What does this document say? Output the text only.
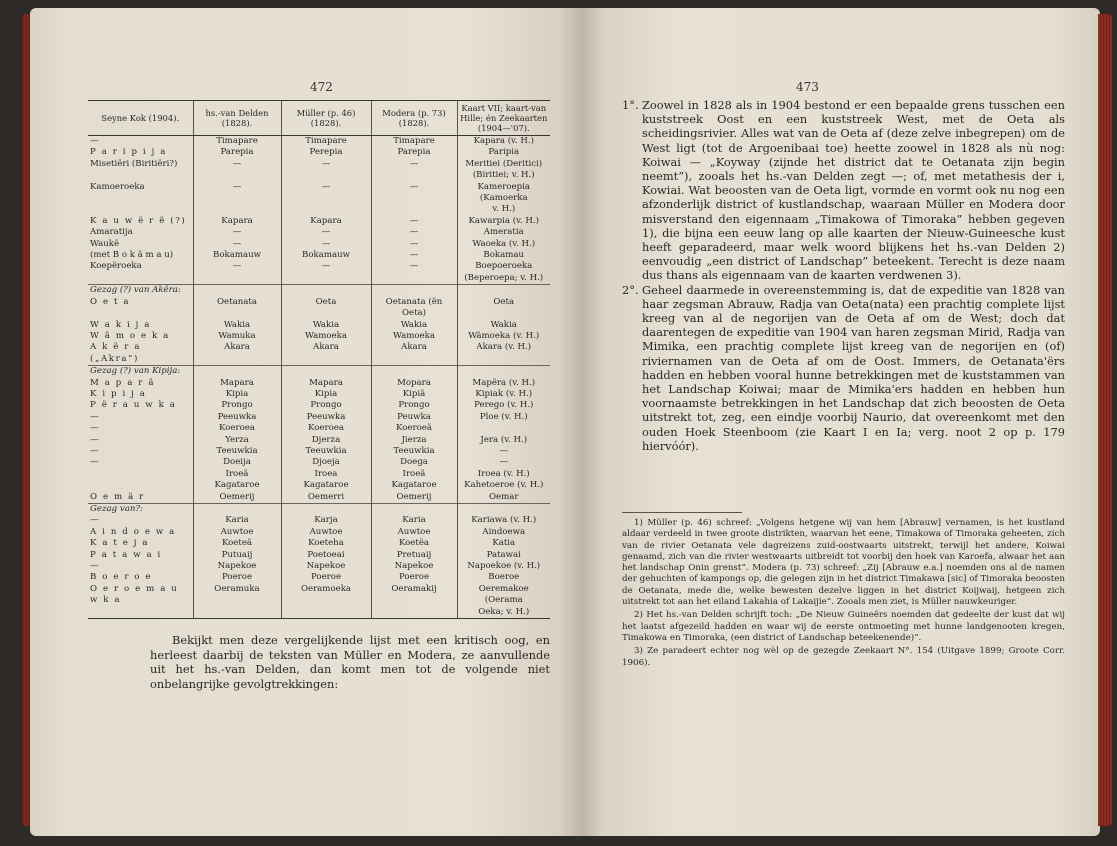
472	473
Seyne Kok (1904).	hs.-van Delden (1828).	Müller (p. 46) (1828).	Modera (p. 73) (1828).	Kaart VII; kaart-van Hille; én Zeekaarten (1904—'07).
—	Timapare	Timapare	Timapare	Kapara (v. H.)
P a r i p i j a	Parepia	Perepia	Parepia	Paripia
Misetiëri (Biritiëri?)	—	—	—	Meritiei (Deritici)
				(Biritiei; v. H.)
Kamoeroeka	—	—	—	Kameroepia (Kamoerka
				v. H.)
K a u w ë r ë (?)	Kapara	Kapara	—	Kawarpia (v. H.)
Amaratija	—	—	—	Ameratia
Waukë	—	—	—	Waoeka (v. H.)
(met B o k ä m a u)	Bokamauw	Bokamauw	—	Bokamau
Koepëroeka	—	—	—	Boepoeroeka
				(Beperoepa; v. H.)
Gezag (?) van Akëra:				
O e t a	Oetanata	Oeta	Oetanata (ën Oeta)	Oeta
W a k i j a	Wakia	Wakia	Wakia	Wakia
W ä m o e k a	Wamuka	Wamoeka	Wamoeka	Wämoeka (v. H.)
A k ë r a („Akra”)	Akara	Akara	Akara	Akara (v. H.)
Gezag (?) van Kipija:				
M a p a r ä	Mapara	Mapara	Mopara	Mapëra (v. H.)
K i p i j a	Kipia	Kipia	Kipiä	Kipiak (v. H.)
P ë r a u w k a	Prongo	Prongo	Prongo	Perego (v. H.)
—	Peeuwka	Peeuwka	Peuwka	Ploe (v. H.)
—	Koeroea	Koeroea	Koeroeä	
—	Yerza	Djerza	Jierza	Jera (v. H.)
—	Teeuwkia	Teeuwkia	Teeuwkia	—
—	Doeija	Djoeja	Doega	—
	Iroeä	Iroea	Iroeä	Iroea (v. H.)
	Kagataroe	Kagataroe	Kagataroe	Kahetoeroe (v. H.)
O e m ä r	Oemerij	Oemerri	Oemerij	Oemar
Gezag van?:				
—	Karia	Karja	Karia	Kariawa (v. H.)
A i n d o e w a	Auwtoe	Auwtoe	Auwtoe	Aindoewa
K a t e j a	Koeteä	Koeteha	Koetëa	Katia
P a t a w a i	Putuaij	Poetoeai	Pretuaij	Patawai
—	Napekoe	Napekoe	Napekoe	Napoekoe (v. H.)
B o e r o e	Poeroe	Poeroe	Poeroe	Boeroe
O e r o e m a u w k a	Oeramuka	Oeramoeka	Oeramakij	Oeremakoe (Oerama
				Oeka; v. H.)
Bekijkt men deze vergelijkende lijst met een kritisch oog, en herleest daarbij de teksten van Müller en Modera, ze aanvullende uit het hs.-van Delden, dan komt men tot de volgende niet onbelangrijke gevolgtrekkingen:
1°. Zoowel in 1828 als in 1904 bestond er een bepaalde grens tusschen een kuststreek Oost en een kuststreek West, met de Oeta als scheidingsrivier. Alles wat van de Oeta af (deze zelve inbegrepen) om de West ligt (tot de Argoenibaai toe) heette zoowel in 1828 als nù nog: Koiwai — „Koyway (zijnde het district dat te Oetanata zijn begin neemt”), zooals het hs.-van Delden zegt —; of, met metathesis der i, Kowiai. Wat beoosten van de Oeta ligt, vormde en vormt ook nu nog een afzonderlijk district of kustlandschap, waaraan Müller en Modera door misverstand den eigennaam „Timakowa of Timoraka” hebben gegeven 1), die bijna een eeuw lang op alle kaarten der Nieuw-Guineesche kust heeft geparadeerd, maar welk woord blijkens het hs.-van Delden 2) eenvoudig „een district of Landschap” beteekent. Terecht is deze naam dus thans als eigennaam van de kaarten verdwenen 3).
2°. Geheel daarmede in overeenstemming is, dat de expeditie van 1828 van haar zegsman Abrauw, Radja van Oeta(nata) een prachtig complete lijst kreeg van al de negorijen van de Oeta af om de West; doch dat daarentegen de expeditie van 1904 van haren zegsman Mirid, Radja van Mimika, een prachtig complete lijst kreeg van de negorijen en (of) riviernamen van de Oeta af om de Oost. Immers, de Oetanata'ërs hadden en hebben vooral hunne betrekkingen met de kuststammen van het Landschap Koiwai; maar de Mimika'ers hadden en hebben hun voornaamste betrekkingen in het Landschap dat zich beoosten de Oeta uitstrekt tot, zeg, een eindje voorbij Naurio, dat overeenkomt met den ouden Hoek Steenboom (zie Kaart I en Ia; verg. noot 2 op p. 179 hiervóór).

1) Müller (p. 46) schreef: „Volgens hetgene wij van hem [Abrauw] vernamen, is het kustland aldaar verdeeld in twee groote distrikten, waarvan het eene, Timakowa of Timoraka geheeten, zich van de rivier Oetanata vele dagreizens zuid-oostwaarts uitstrekt, terwijl het andere, Koiwai genaamd, zich van die rivier westwaarts uitbreidt tot voorbij den hoek van Karoefa, alwaar het aan het landschap Onin grenst”. Modera (p. 73) schreef: „Zij [Abrauw e.a.] noemden ons al de namen der gehuchten of kampongs op, die gelegen zijn in het district Timakawa [sic] of Timoraka beoosten de Oetanata, mede die, welke bewesten dezelve liggen in het district Koijwaij, hetgeen zich uitstrekt tot aan het eiland Lakahia of Lakaijie”. Zooals men ziet, is Müller nauwkeuriger.

2) Het hs.-van Delden schrijft toch: „De Nieuw Guineërs noemden dat gedeelte der kust dat wij het laatst afgezeild hadden en waar wij de eerste ontmoeting met hunne landgenooten kregen, Timakowa en Timoraka, (een district of Landschap beteekenende)”.

3) Ze paradeert echter nog wèl op de gezegde Zeekaart N°. 154 (Uitgave 1899; Groote Corr. 1906).
